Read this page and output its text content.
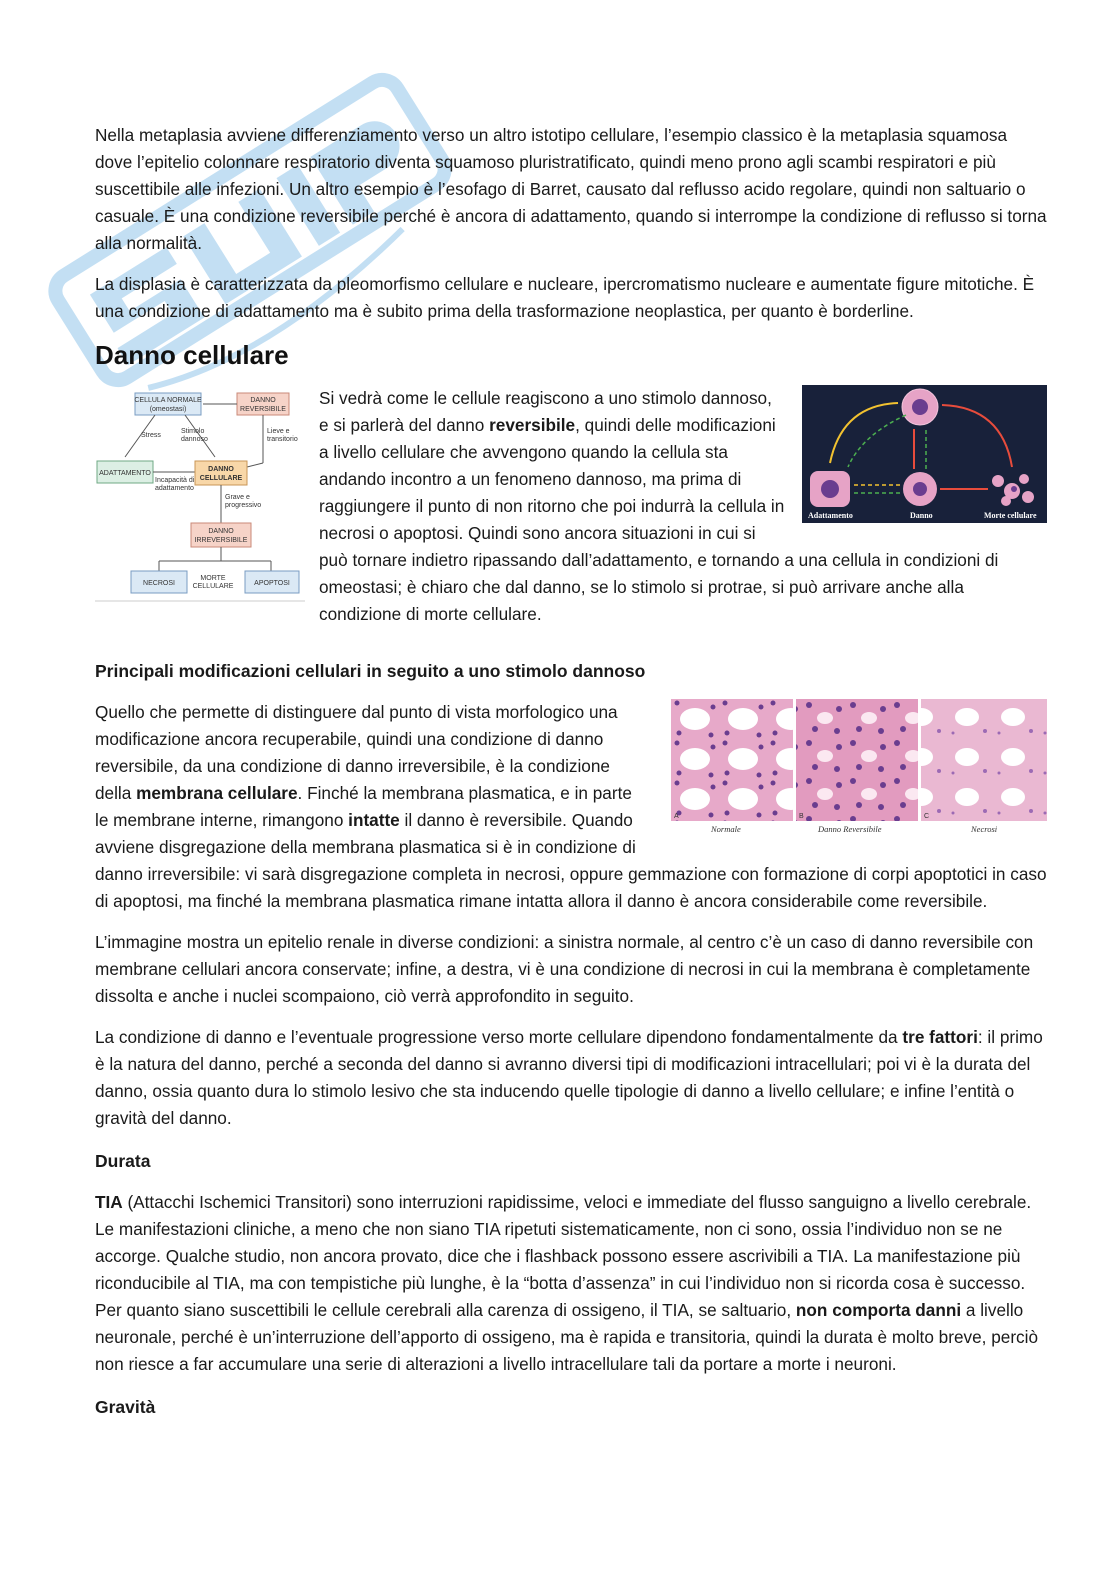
Nella metaplasia avviene differenziamento verso un altro istotipo cellulare, l’esempio classico è la metaplasia squamosa dove l’epitelio colonnare respiratorio diventa squamoso pluristratificato, quindi meno prono agli scambi respiratori e più suscettibile alle infezioni. Un altro esempio è l’esofago di Barret, causato dal reflusso acido regolare, quindi non saltuario o casuale. È una condizione reversibile perché è ancora di adattamento, quando si interrompe la condizione di reflusso si torna alla normalità.

La displasia è caratterizzata da pleomorfismo cellulare e nucleare, ipercromatismo nucleare e aumentate figure mitotiche. È una condizione di adattamento ma è subito prima della trasformazione neoplastica, per quanto è borderline.

Danno cellulare
CELLULA NORMALE
(omeostasi)
DANNO
REVERSIBILE
Stress
Stimolo
dannoso
Lieve e
transitorio
ADATTAMENTO
Incapacità di
adattamento
DANNO
CELLULARE
Grave e
progressivo
DANNO
IRREVERSIBILE
NECROSI
MORTE
CELLULARE	APOPTOSI
Adattamento	Danno	Morte cellulare

Si vedrà come le cellule reagiscono a uno stimolo dannoso, e si parlerà del danno reversibile, quindi delle modificazioni a livello cellulare che avvengono quando la cellula sta andando incontro a un fenomeno dannoso, ma prima di raggiungere il punto di non ritorno che poi indurrà la cellula in necrosi o apoptosi. Quindi sono ancora situazioni in cui si può tornare indietro ripassando dall’adattamento, e tornando a una cellula in condizioni di omeostasi; è chiaro che dal danno, se lo stimolo si protrae, si può arrivare anche alla condizione di morte cellulare.

Principali modificazioni cellulari in seguito a uno stimolo dannoso
A	B	C
Normale	Danno Reversibile	Necrosi

Quello che permette di distinguere dal punto di vista morfologico una modificazione ancora recuperabile, quindi una condizione di danno reversibile, da una condizione di danno irreversibile, è la condizione della membrana cellulare. Finché la membrana plasmatica, e in parte le membrane interne, rimangono intatte il danno è reversibile. Quando avviene disgregazione della membrana plasmatica si è in condizione di danno irreversibile: vi sarà disgregazione completa in necrosi, oppure gemmazione con formazione di corpi apoptotici in caso di apoptosi, ma finché la membrana plasmatica rimane intatta allora il danno è ancora considerabile come reversibile.

L’immagine mostra un epitelio renale in diverse condizioni: a sinistra normale, al centro c’è un caso di danno reversibile con membrane cellulari ancora conservate; infine, a destra, vi è una condizione di necrosi in cui la membrana è completamente dissolta e anche i nuclei scompaiono, ciò verrà approfondito in seguito.

La condizione di danno e l’eventuale progressione verso morte cellulare dipendono fondamentalmente da tre fattori: il primo è la natura del danno, perché a seconda del danno si avranno diversi tipi di modificazioni intracellulari; poi vi è la durata del danno, ossia quanto dura lo stimolo lesivo che sta inducendo quelle tipologie di danno a livello cellulare; e infine l’entità o gravità del danno.

Durata

TIA (Attacchi Ischemici Transitori) sono interruzioni rapidissime, veloci e immediate del flusso sanguigno a livello cerebrale. Le manifestazioni cliniche, a meno che non siano TIA ripetuti sistematicamente, non ci sono, ossia l’individuo non se ne accorge. Qualche studio, non ancora provato, dice che i flashback possono essere ascrivibili a TIA. La manifestazione più riconducibile al TIA, ma con tempistiche più lunghe, è la “botta d’assenza” in cui l’individuo non si ricorda cosa è successo. Per quanto siano suscettibili le cellule cerebrali alla carenza di ossigeno, il TIA, se saltuario, non comporta danni a livello neuronale, perché è un’interruzione dell’apporto di ossigeno, ma è rapida e transitoria, quindi la durata è molto breve, perciò non riesce a far accumulare una serie di alterazioni a livello intracellulare tali da portare a morte i neuroni.

Gravità
